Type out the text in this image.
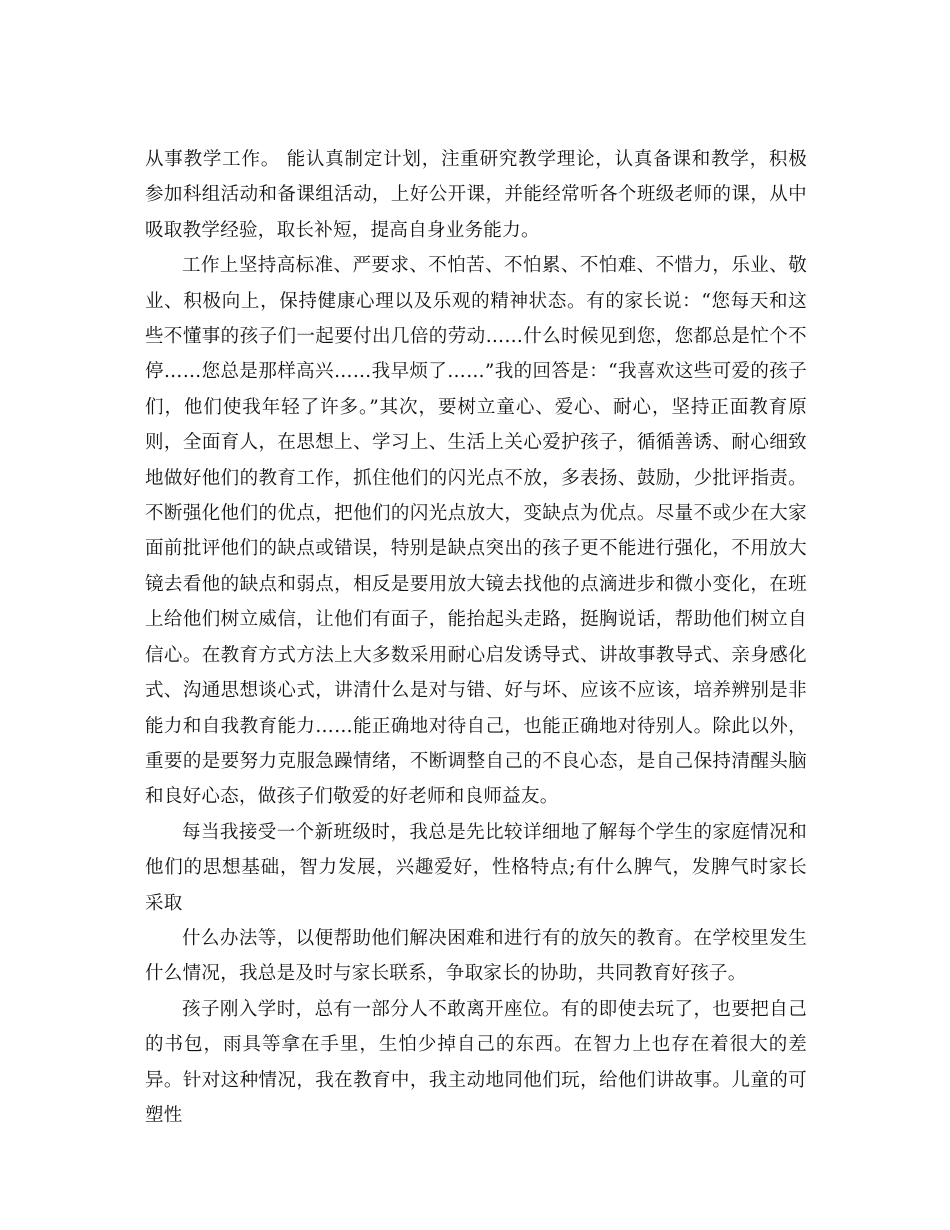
从事教学工作。 能认真制定计划，注重研究教学理论，认真备课和教学，积极参加科组活动和备课组活动，上好公开课，并能经常听各个班级老师的课，从中吸取教学经验，取长补短，提高自身业务能力。

工作上坚持高标准、严要求、不怕苦、不怕累、不怕难、不惜力，乐业、敬业、积极向上，保持健康心理以及乐观的精神状态。有的家长说：“您每天和这些不懂事的孩子们一起要付出几倍的劳动……什么时候见到您，您都总是忙个不停……您总是那样高兴……我早烦了……”我的回答是：“我喜欢这些可爱的孩子们，他们使我年轻了许多。”其次，要树立童心、爱心、耐心，坚持正面教育原则，全面育人，在思想上、学习上、生活上关心爱护孩子，循循善诱、耐心细致地做好他们的教育工作，抓住他们的闪光点不放，多表扬、鼓励，少批评指责。不断强化他们的优点，把他们的闪光点放大，变缺点为优点。尽量不或少在大家面前批评他们的缺点或错误，特别是缺点突出的孩子更不能进行强化，不用放大镜去看他的缺点和弱点，相反是要用放大镜去找他的点滴进步和微小变化，在班上给他们树立威信，让他们有面子，能抬起头走路，挺胸说话，帮助他们树立自信心。在教育方式方法上大多数采用耐心启发诱导式、讲故事教导式、亲身感化式、沟通思想谈心式，讲清什么是对与错、好与坏、应该不应该，培养辨别是非能力和自我教育能力……能正确地对待自己，也能正确地对待别人。除此以外，重要的是要努力克服急躁情绪，不断调整自己的不良心态，是自己保持清醒头脑和良好心态，做孩子们敬爱的好老师和良师益友。

每当我接受一个新班级时，我总是先比较详细地了解每个学生的家庭情况和他们的思想基础，智力发展，兴趣爱好，性格特点;有什么脾气，发脾气时家长采取

什么办法等，以便帮助他们解决困难和进行有的放矢的教育。在学校里发生什么情况，我总是及时与家长联系，争取家长的协助，共同教育好孩子。

孩子刚入学时，总有一部分人不敢离开座位。有的即使去玩了，也要把自己的书包，雨具等拿在手里，生怕少掉自己的东西。在智力上也存在着很大的差异。针对这种情况，我在教育中，我主动地同他们玩，给他们讲故事。儿童的可塑性
